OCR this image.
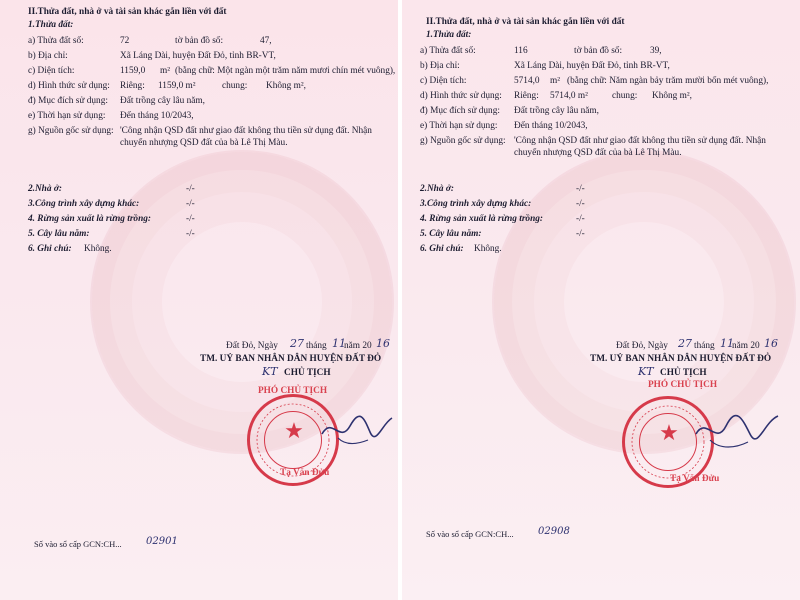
II.Thửa đất, nhà ở và tài sản khác gắn liền với đất
1.Thửa đất:
a) Thửa đất số:	72	tờ bản đồ số:	47,
b) Địa chỉ:	Xã Láng Dài, huyện Đất Đỏ, tỉnh BR-VT,
c) Diện tích:	1159,0 m² (bằng chữ: Một ngàn một trăm năm mươi chín mét vuông),
d) Hình thức sử dụng: Riêng: 1159,0 m²	chung: Không m²,
đ) Mục đích sử dụng: Đất trồng cây lâu năm,
e) Thời hạn sử dụng: Đến tháng 10/2043,
g) Nguồn gốc sử dụng: 'Công nhận QSD đất như giao đất không thu tiền sử dụng đất. Nhận chuyển nhượng QSD đất của bà Lê Thị Màu.
2.Nhà ở:	-/-
3.Công trình xây dựng khác:	-/-
4. Rừng sản xuất là rừng trồng:	-/-
5. Cây lâu năm:	-/-
6. Ghi chú: Không.
Đất Đỏ, Ngày 27 tháng 11
năm 20 16
TM. UỶ BAN NHÂN DÂN HUYỆN ĐẤT ĐỎ
KT CHỦ TỊCH
PHÓ CHỦ TỊCH
★
Tạ Văn Đửu
Số vào sổ cấp GCN:CH... 02901
II.Thửa đất, nhà ở và tài sản khác gắn liền với đất
1.Thửa đất:
a) Thửa đất số:	116	tờ bản đồ số:	39,
b) Địa chỉ:	Xã Láng Dài, huyện Đất Đỏ, tỉnh BR-VT,
c) Diện tích:	5714,0 m² (bằng chữ: Năm ngàn bảy trăm mười bốn mét vuông),
d) Hình thức sử dụng: Riêng: 5714,0 m²	chung: Không m²,
đ) Mục đích sử dụng: Đất trồng cây lâu năm,
e) Thời hạn sử dụng: Đến tháng 10/2043,
g) Nguồn gốc sử dụng: 'Công nhận QSD đất như giao đất không thu tiền sử dụng đất. Nhận chuyển nhượng QSD đất của bà Lê Thị Màu.
2.Nhà ở:	-/-
3.Công trình xây dựng khác:	-/-
4. Rừng sản xuất là rừng trồng:	-/-
5. Cây lâu năm:	-/-
6. Ghi chú: Không.
Đất Đỏ, Ngày 27 tháng 11
năm 20 16
TM. UỶ BAN NHÂN DÂN HUYỆN ĐẤT ĐỎ
KT CHỦ TỊCH
PHÓ CHỦ TỊCH
★
Tạ Văn Đửu
Số vào sổ cấp GCN:CH... 02908
